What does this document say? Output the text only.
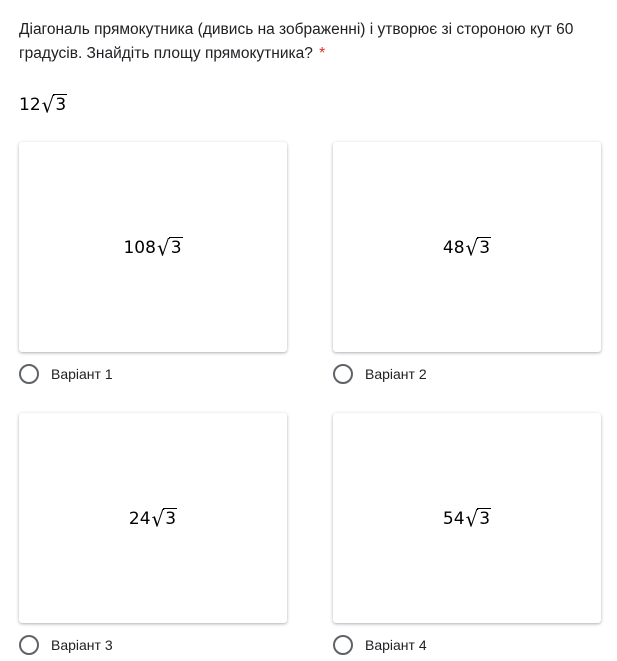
Діагональ прямокутника (дивись на зображенні) і утворює зі стороною кут 60 градусів. Знайдіть площу прямокутника? *
12 √ 3
108 √ 3
Варіант 1
48 √ 3
Варіант 2
24 √ 3
Варіант 3
54 √ 3
Варіант 4
